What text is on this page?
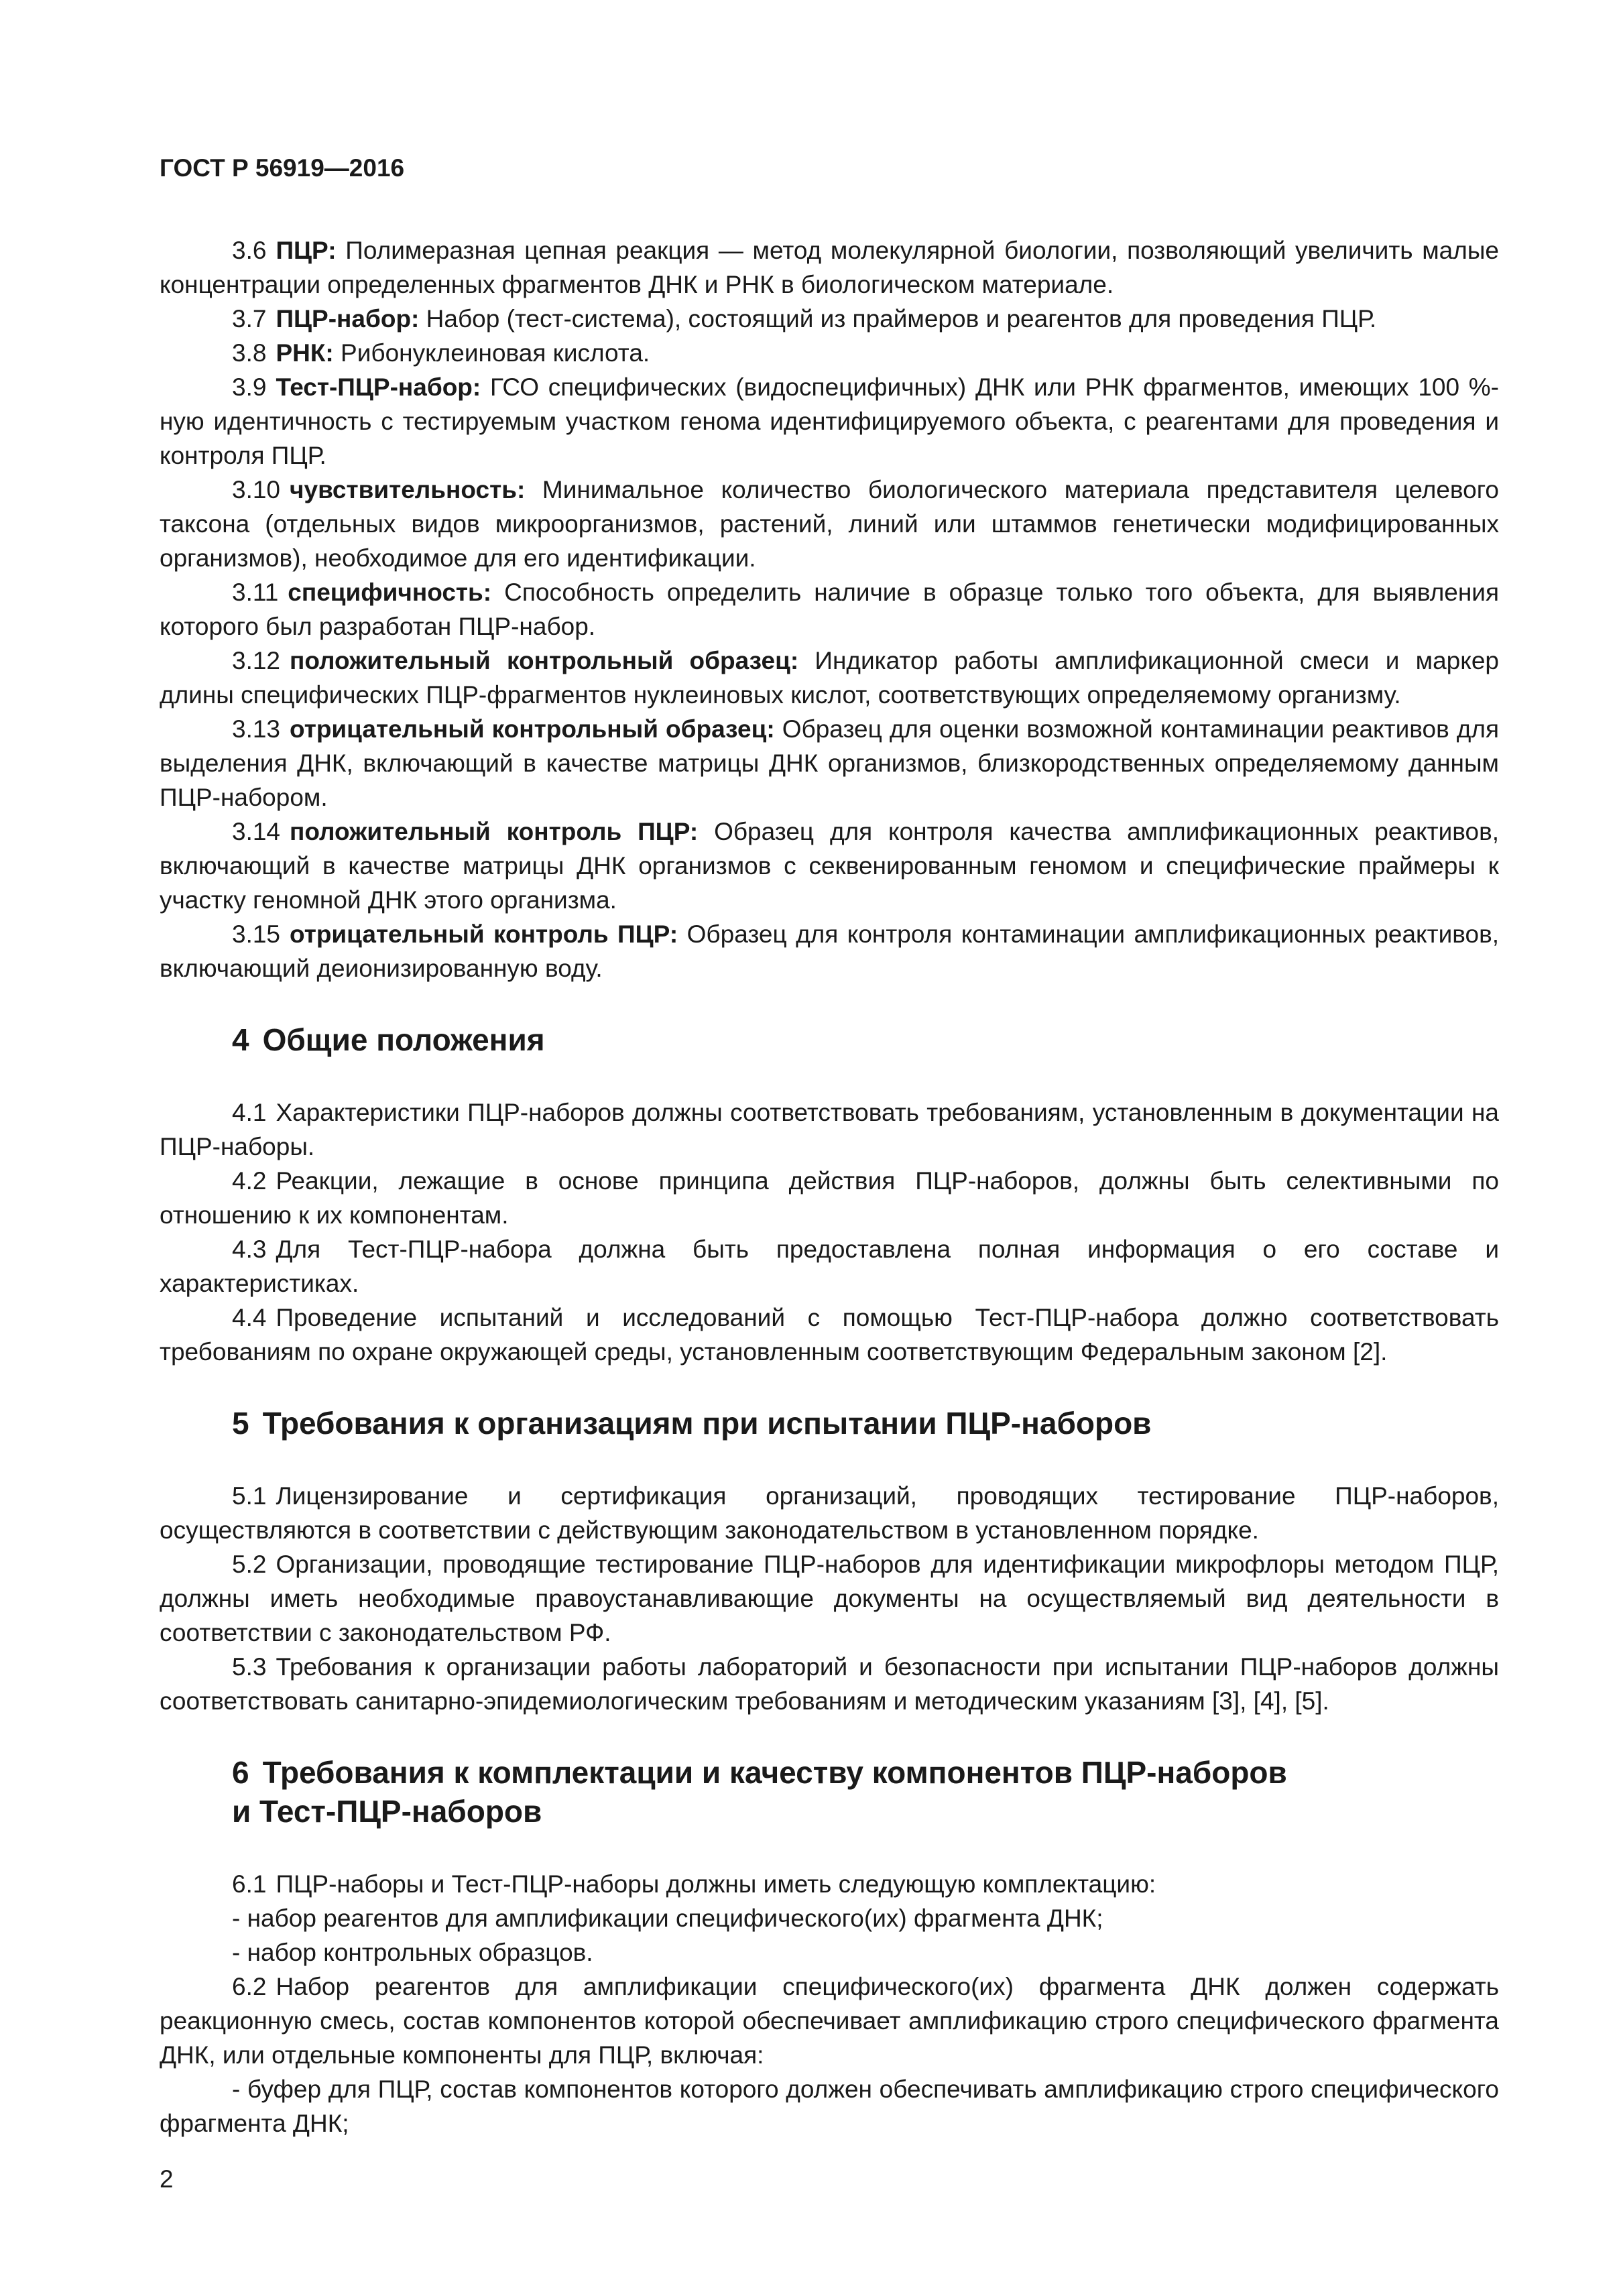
ГОСТ Р 56919—2016

3.6 ПЦР: Полимеразная цепная реакция — метод молекулярной биологии, позволяющий увеличить малые концентрации определенных фрагментов ДНК и РНК в биологическом материале.

3.7 ПЦР-набор: Набор (тест-система), состоящий из праймеров и реагентов для проведения ПЦР.

3.8 РНК: Рибонуклеиновая кислота.

3.9 Тест-ПЦР-набор: ГСО специфических (видоспецифичных) ДНК или РНК фрагментов, имеющих 100 %-ную идентичность с тестируемым участком генома идентифицируемого объекта, с реагентами для проведения и контроля ПЦР.

3.10 чувствительность: Минимальное количество биологического материала представителя целевого таксона (отдельных видов микроорганизмов, растений, линий или штаммов генетически модифицированных организмов), необходимое для его идентификации.

3.11 специфичность: Способность определить наличие в образце только того объекта, для выявления которого был разработан ПЦР-набор.

3.12 положительный контрольный образец: Индикатор работы амплификационной смеси и маркер длины специфических ПЦР-фрагментов нуклеиновых кислот, соответствующих определяемому организму.

3.13 отрицательный контрольный образец: Образец для оценки возможной контаминации реактивов для выделения ДНК, включающий в качестве матрицы ДНК организмов, близкородственных определяемому данным ПЦР-набором.

3.14 положительный контроль ПЦР: Образец для контроля качества амплификационных реактивов, включающий в качестве матрицы ДНК организмов с секвенированным геномом и специфические праймеры к участку геномной ДНК этого организма.

3.15 отрицательный контроль ПЦР: Образец для контроля контаминации амплификационных реактивов, включающий деионизированную воду.

4 Общие положения

4.1 Характеристики ПЦР-наборов должны соответствовать требованиям, установленным в документации на ПЦР-наборы.

4.2 Реакции, лежащие в основе принципа действия ПЦР-наборов, должны быть селективными по отношению к их компонентам.

4.3 Для Тест-ПЦР-набора должна быть предоставлена полная информация о его составе и характеристиках.

4.4 Проведение испытаний и исследований с помощью Тест-ПЦР-набора должно соответствовать требованиям по охране окружающей среды, установленным соответствующим Федеральным законом [2].

5 Требования к организациям при испытании ПЦР-наборов

5.1 Лицензирование и сертификация организаций, проводящих тестирование ПЦР-наборов, осуществляются в соответствии с действующим законодательством в установленном порядке.

5.2 Организации, проводящие тестирование ПЦР-наборов для идентификации микрофлоры методом ПЦР, должны иметь необходимые правоустанавливающие документы на осуществляемый вид деятельности в соответствии с законодательством РФ.

5.3 Требования к организации работы лабораторий и безопасности при испытании ПЦР-наборов должны соответствовать санитарно-эпидемиологическим требованиям и методическим указаниям [3], [4], [5].

6 Требования к комплектации и качеству компонентов ПЦР-наборов
и Тест-ПЦР-наборов

6.1 ПЦР-наборы и Тест-ПЦР-наборы должны иметь следующую комплектацию:

- набор реагентов для амплификации специфического(их) фрагмента ДНК;

- набор контрольных образцов.

6.2 Набор реагентов для амплификации специфического(их) фрагмента ДНК должен содержать реакционную смесь, состав компонентов которой обеспечивает амплификацию строго специфического фрагмента ДНК, или отдельные компоненты для ПЦР, включая:

- буфер для ПЦР, состав компонентов которого должен обеспечивать амплификацию строго специфического фрагмента ДНК;

2
